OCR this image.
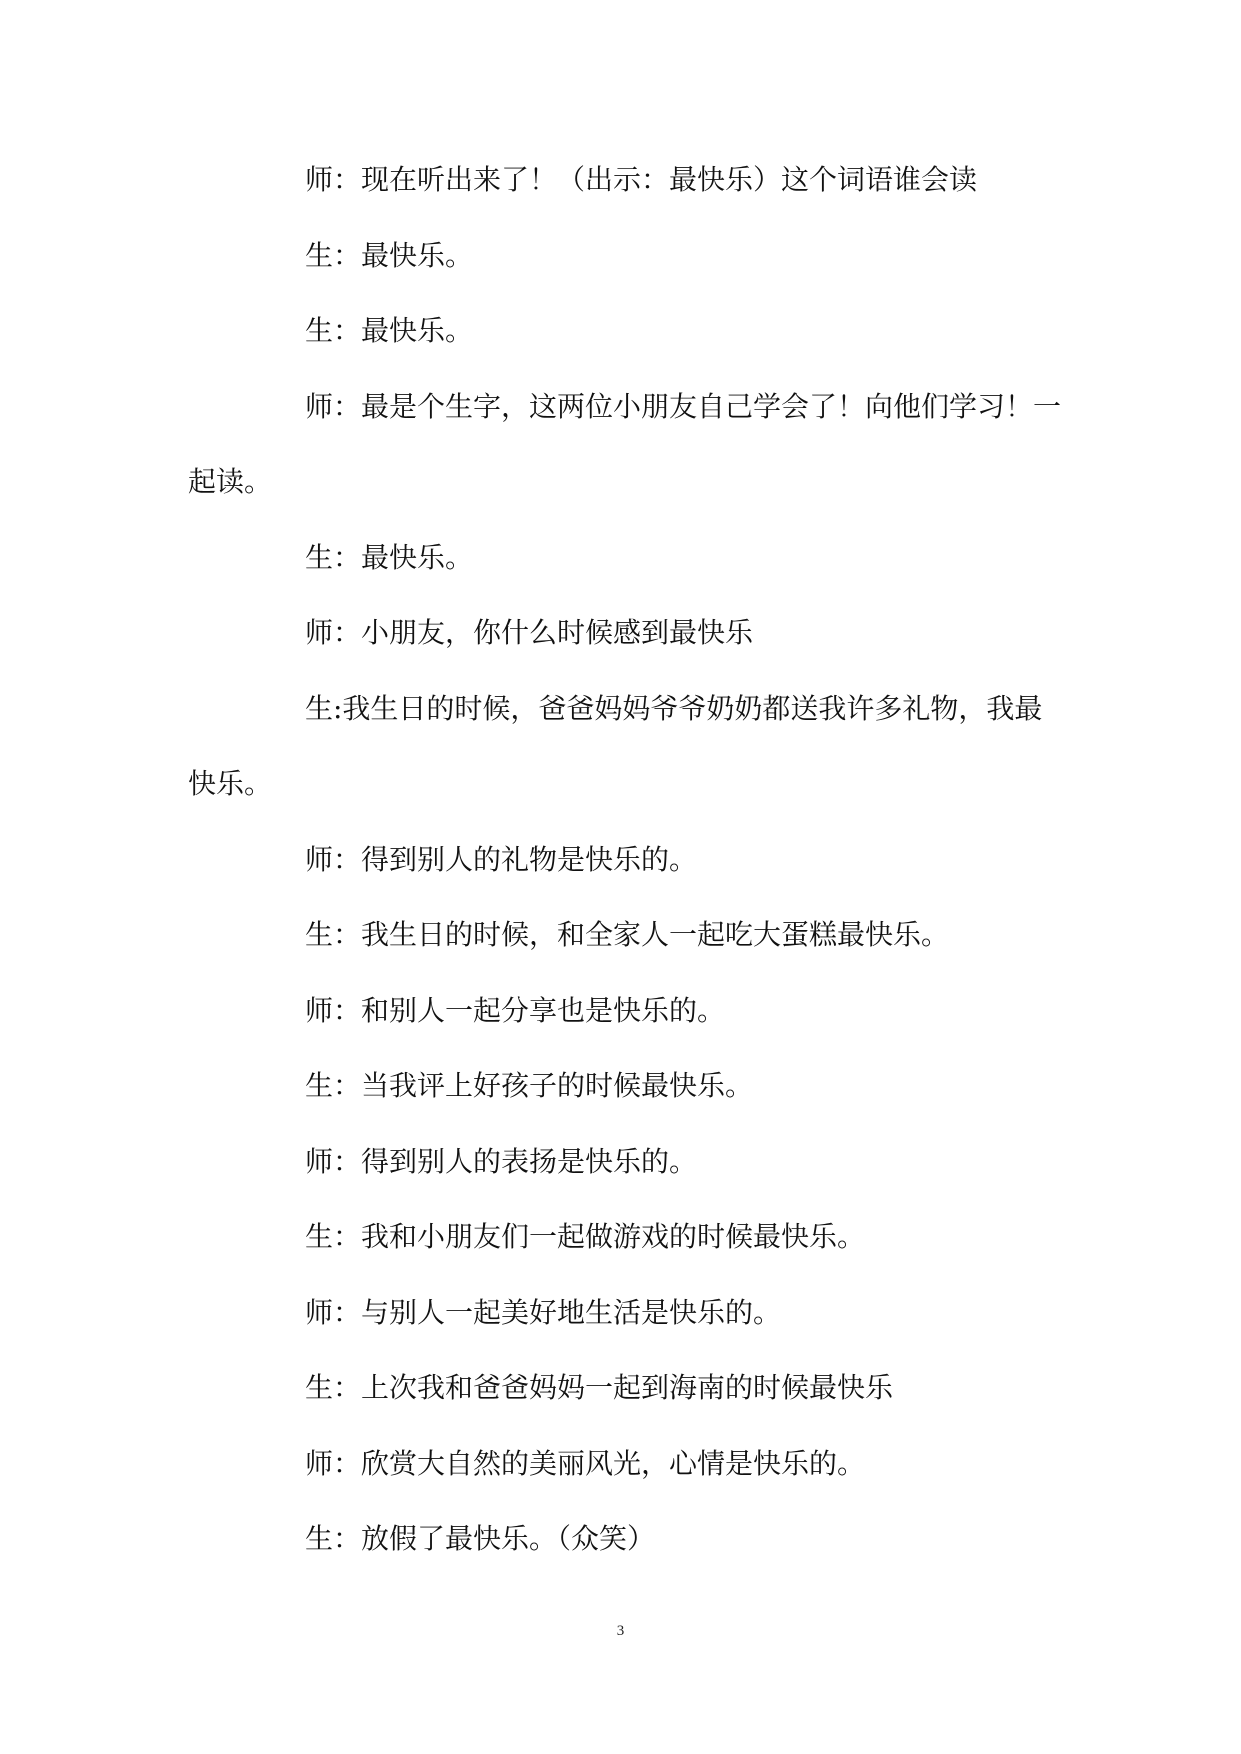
师：现在听出来了！（出示：最快乐）这个词语谁会读

生：最快乐。

生：最快乐。

师：最是个生字，这两位小朋友自己学会了！向他们学习！一起读。

生：最快乐。

师：小朋友，你什么时候感到最快乐

生:我生日的时候，爸爸妈妈爷爷奶奶都送我许多礼物，我最快乐。

师：得到别人的礼物是快乐的。

生：我生日的时候，和全家人一起吃大蛋糕最快乐。

师：和别人一起分享也是快乐的。

生：当我评上好孩子的时候最快乐。

师：得到别人的表扬是快乐的。

生：我和小朋友们一起做游戏的时候最快乐。

师：与别人一起美好地生活是快乐的。

生：上次我和爸爸妈妈一起到海南的时候最快乐

师：欣赏大自然的美丽风光，心情是快乐的。

生：放假了最快乐。（众笑）

3
